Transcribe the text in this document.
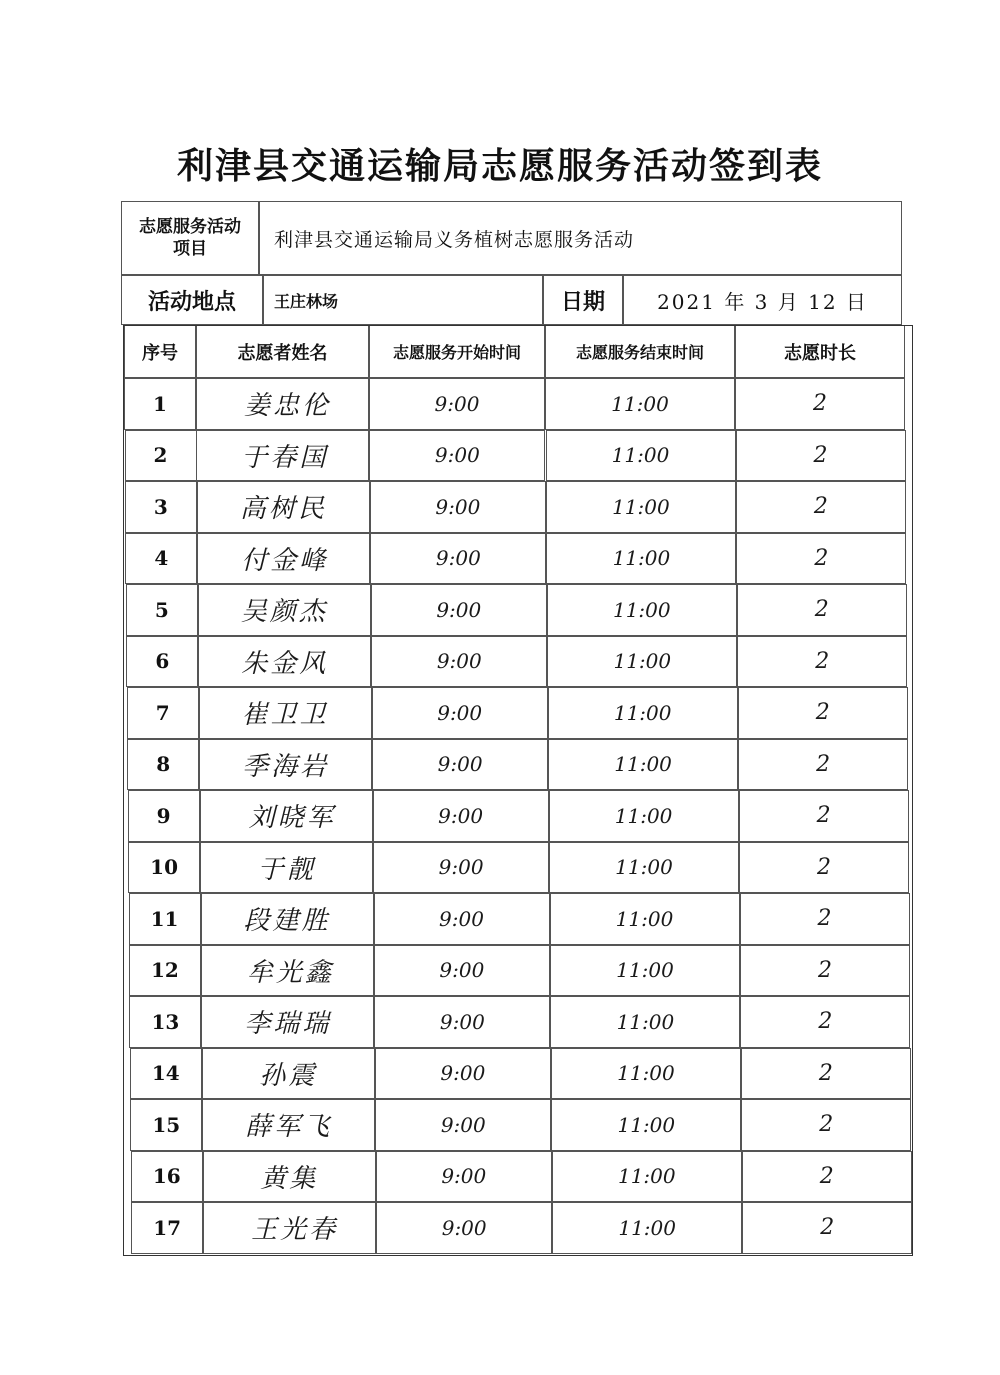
利津县交通运输局志愿服务活动签到表
志愿服务活动项目	利津县交通运输局义务植树志愿服务活动
活动地点	王庄林场	日期	2021 年 3 月 12 日
序号	志愿者姓名	志愿服务开始时间	志愿服务结束时间	志愿时长
1	姜忠伦	9:00	11:00	2
2	于春国	9:00	11:00	2
3	高树民	9:00	11:00	2
4	付金峰	9:00	11:00	2
5	吴颜杰	9:00	11:00	2
6	朱金风	9:00	11:00	2
7	崔卫卫	9:00	11:00	2
8	季海岩	9:00	11:00	2
9	刘晓军	9:00	11:00	2
10	于靓	9:00	11:00	2
11	段建胜	9:00	11:00	2
12	牟光鑫	9:00	11:00	2
13	李瑞瑞	9:00	11:00	2
14	孙震	9:00	11:00	2
15	薛军飞	9:00	11:00	2
16	黄集	9:00	11:00	2
17	王光春	9:00	11:00	2
